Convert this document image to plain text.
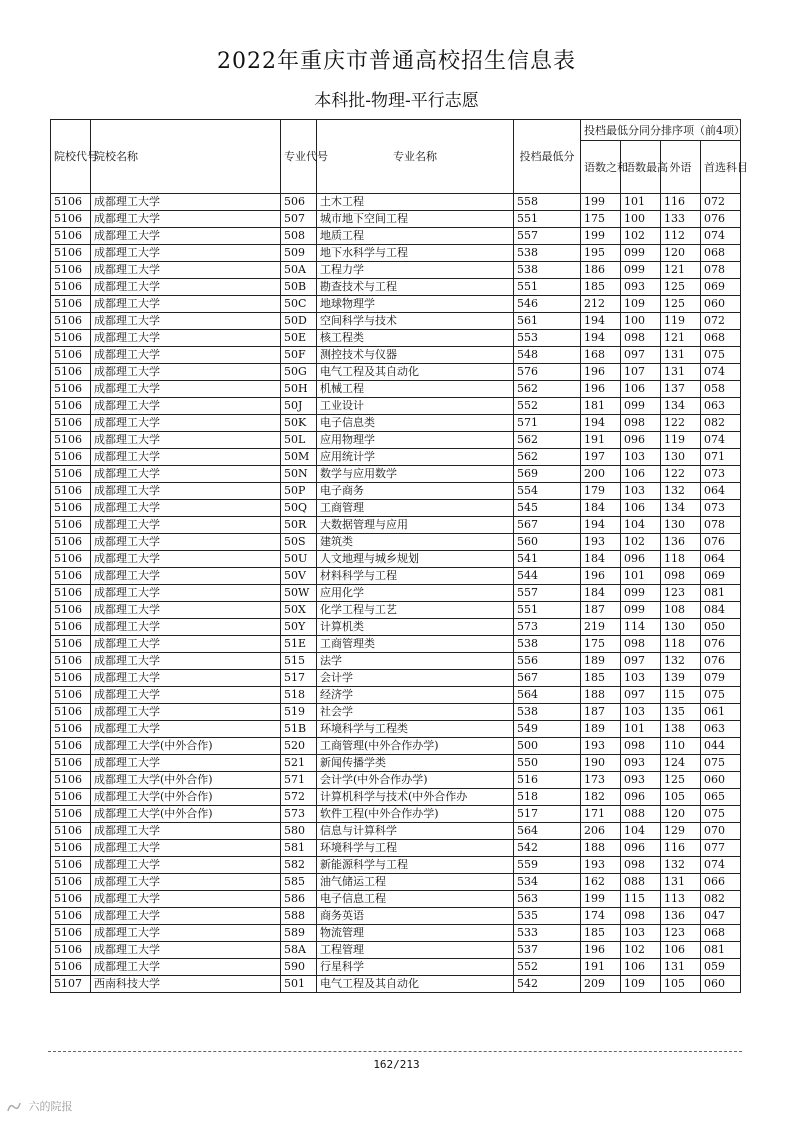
2022年重庆市普通高校招生信息表
本科批-物理-平行志愿
院校代号	院校名称	专业代号	专业名称	投档最低分	投档最低分同分排序项（前4项）			
					语数之和	语数最高	外语	首选科目
5106	成都理工大学	506	土木工程	558	199	101	116	072
5106	成都理工大学	507	城市地下空间工程	551	175	100	133	076
5106	成都理工大学	508	地质工程	557	199	102	112	074
5106	成都理工大学	509	地下水科学与工程	538	195	099	120	068
5106	成都理工大学	50A	工程力学	538	186	099	121	078
5106	成都理工大学	50B	勘查技术与工程	551	185	093	125	069
5106	成都理工大学	50C	地球物理学	546	212	109	125	060
5106	成都理工大学	50D	空间科学与技术	561	194	100	119	072
5106	成都理工大学	50E	核工程类	553	194	098	121	068
5106	成都理工大学	50F	测控技术与仪器	548	168	097	131	075
5106	成都理工大学	50G	电气工程及其自动化	576	196	107	131	074
5106	成都理工大学	50H	机械工程	562	196	106	137	058
5106	成都理工大学	50J	工业设计	552	181	099	134	063
5106	成都理工大学	50K	电子信息类	571	194	098	122	082
5106	成都理工大学	50L	应用物理学	562	191	096	119	074
5106	成都理工大学	50M	应用统计学	562	197	103	130	071
5106	成都理工大学	50N	数学与应用数学	569	200	106	122	073
5106	成都理工大学	50P	电子商务	554	179	103	132	064
5106	成都理工大学	50Q	工商管理	545	184	106	134	073
5106	成都理工大学	50R	大数据管理与应用	567	194	104	130	078
5106	成都理工大学	50S	建筑类	560	193	102	136	076
5106	成都理工大学	50U	人文地理与城乡规划	541	184	096	118	064
5106	成都理工大学	50V	材料科学与工程	544	196	101	098	069
5106	成都理工大学	50W	应用化学	557	184	099	123	081
5106	成都理工大学	50X	化学工程与工艺	551	187	099	108	084
5106	成都理工大学	50Y	计算机类	573	219	114	130	050
5106	成都理工大学	51E	工商管理类	538	175	098	118	076
5106	成都理工大学	515	法学	556	189	097	132	076
5106	成都理工大学	517	会计学	567	185	103	139	079
5106	成都理工大学	518	经济学	564	188	097	115	075
5106	成都理工大学	519	社会学	538	187	103	135	061
5106	成都理工大学	51B	环境科学与工程类	549	189	101	138	063
5106	成都理工大学(中外合作)	520	工商管理(中外合作办学)	500	193	098	110	044
5106	成都理工大学	521	新闻传播学类	550	190	093	124	075
5106	成都理工大学(中外合作)	571	会计学(中外合作办学)	516	173	093	125	060
5106	成都理工大学(中外合作)	572	计算机科学与技术(中外合作办	518	182	096	105	065
5106	成都理工大学(中外合作)	573	软件工程(中外合作办学)	517	171	088	120	075
5106	成都理工大学	580	信息与计算科学	564	206	104	129	070
5106	成都理工大学	581	环境科学与工程	542	188	096	116	077
5106	成都理工大学	582	新能源科学与工程	559	193	098	132	074
5106	成都理工大学	585	油气储运工程	534	162	088	131	066
5106	成都理工大学	586	电子信息工程	563	199	115	113	082
5106	成都理工大学	588	商务英语	535	174	098	136	047
5106	成都理工大学	589	物流管理	533	185	103	123	068
5106	成都理工大学	58A	工程管理	537	196	102	106	081
5106	成都理工大学	590	行星科学	552	191	106	131	059
5107	西南科技大学	501	电气工程及其自动化	542	209	109	105	060
162/213
六的院报
